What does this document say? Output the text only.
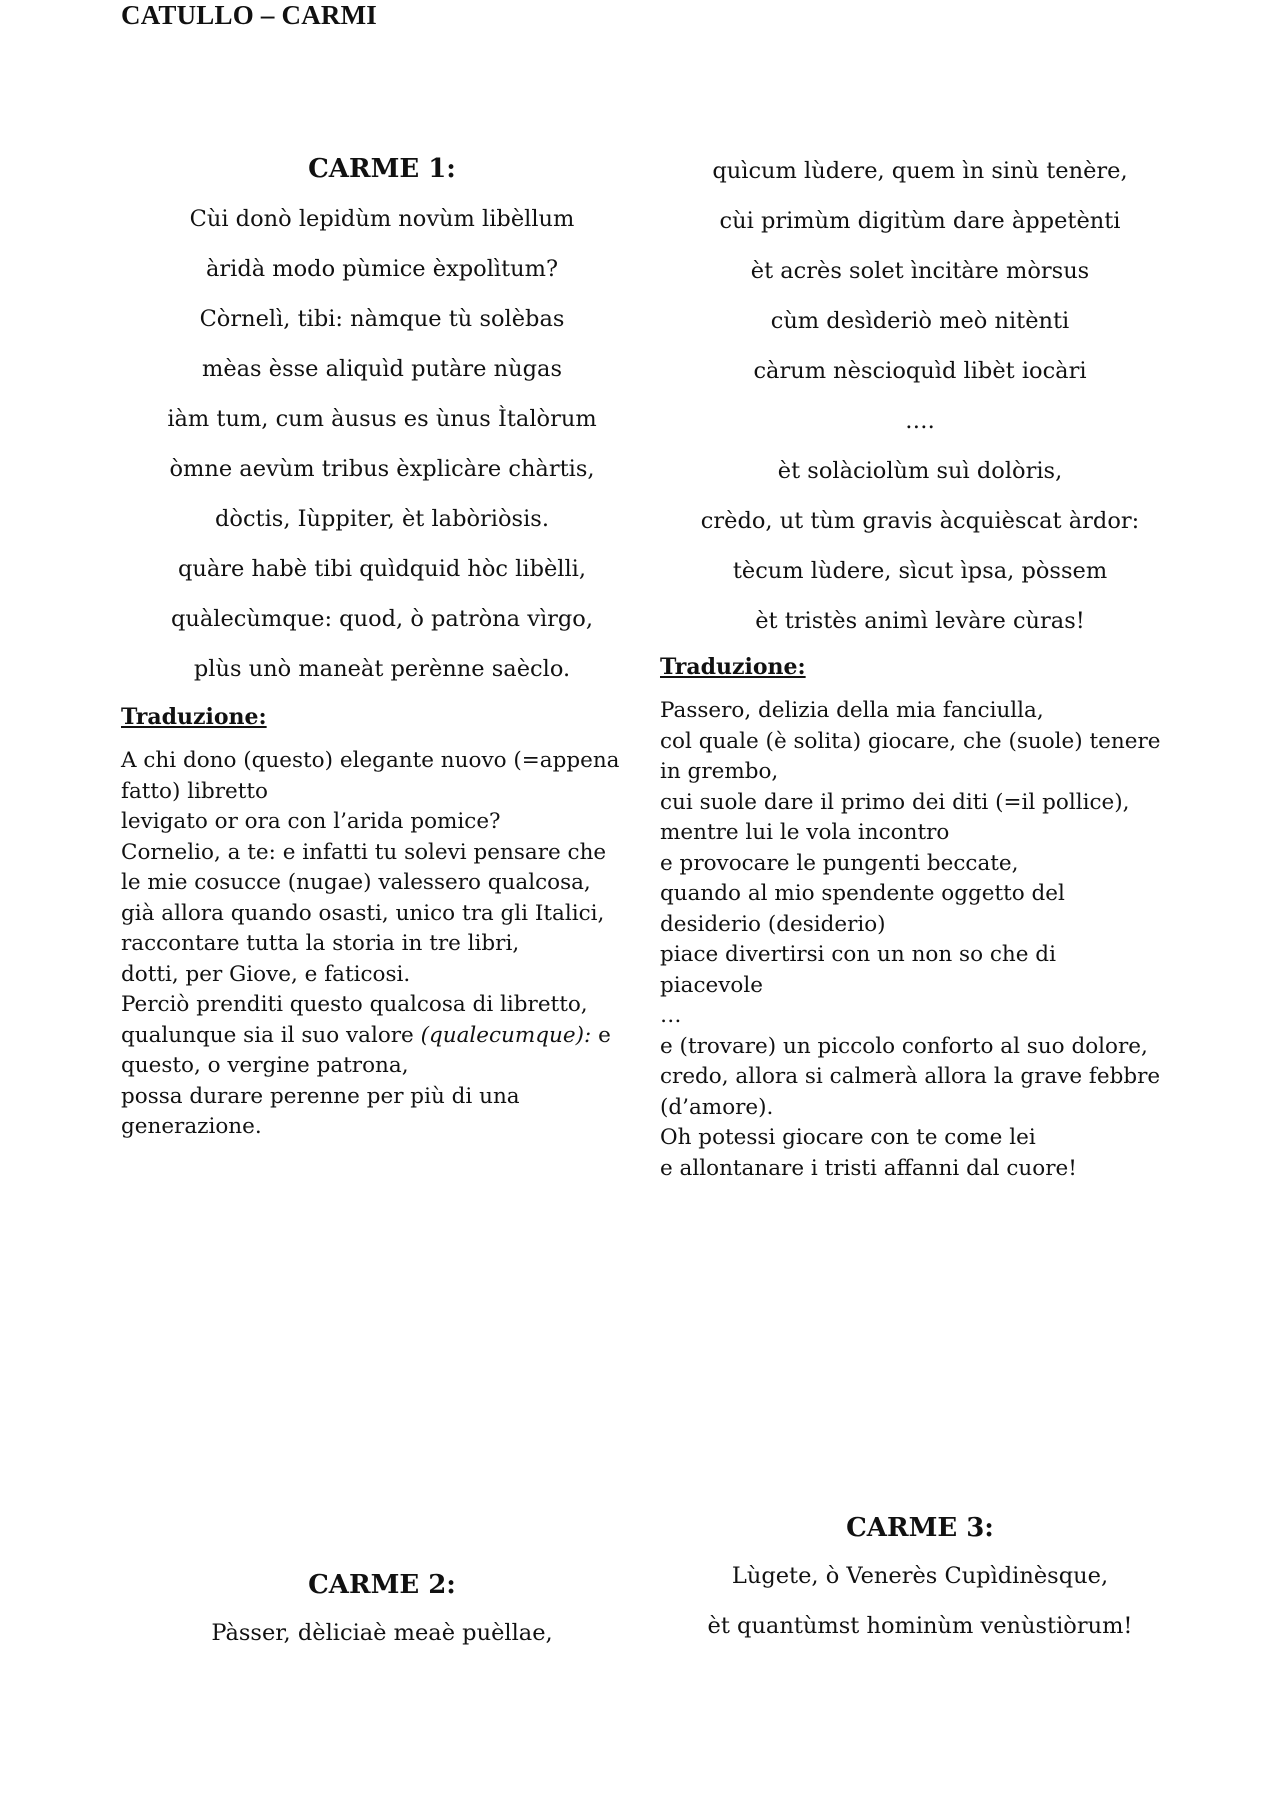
CATULLO – CARMI
CARME 1:

Cùi donò lepidùm novùm libèllum

àridà modo pùmice èxpolìtum?

Còrnelì, tibi: nàmque tù solèbas

mèas èsse aliquìd putàre nùgas

iàm tum, cum àusus es ùnus Ìtalòrum

òmne aevùm tribus èxplicàre chàrtis,

dòctis, Iùppiter, èt labòriòsis.

quàre habè tibi quìdquid hòc libèlli,

quàlecùmque: quod, ò patròna vìrgo,

plùs unò maneàt perènne saèclo.

Traduzione:

A chi dono (questo) elegante nuovo (=appena
fatto) libretto
levigato or ora con l’arida pomice?
Cornelio, a te: e infatti tu solevi pensare che
le mie cosucce (nugae) valessero qualcosa,
già allora quando osasti, unico tra gli Italici,
raccontare tutta la storia in tre libri,
dotti, per Giove, e faticosi.
Perciò prenditi questo qualcosa di libretto,
qualunque sia il suo valore (qualecumque): e
questo, o vergine patrona,
possa durare perenne per più di una
generazione.

quìcum lùdere, quem ìn sinù tenère,

cùi primùm digitùm dare àppetènti

èt acrès solet ìncitàre mòrsus

cùm desìderiò meò nitènti

càrum nèscioquìd libèt iocàri

….

èt solàciolùm suì dolòris,

crèdo, ut tùm gravis àcquièscat àrdor:

tècum lùdere, sìcut ìpsa, pòssem

èt tristès animì levàre cùras!

Traduzione:

Passero, delizia della mia fanciulla,
col quale (è solita) giocare, che (suole) tenere
in grembo,
cui suole dare il primo dei diti (=il pollice),
mentre lui le vola incontro
e provocare le pungenti beccate,
quando al mio spendente oggetto del
desiderio (desiderio)
piace divertirsi con un non so che di
piacevole
…
e (trovare) un piccolo conforto al suo dolore,
credo, allora si calmerà allora la grave febbre
(d’amore).
Oh potessi giocare con te come lei
e allontanare i tristi affanni dal cuore!
CARME 2:

Pàsser, dèliciaè meaè puèllae,

CARME 3:

Lùgete, ò Venerès Cupìdinèsque,

èt quantùmst hominùm venùstiòrum!
